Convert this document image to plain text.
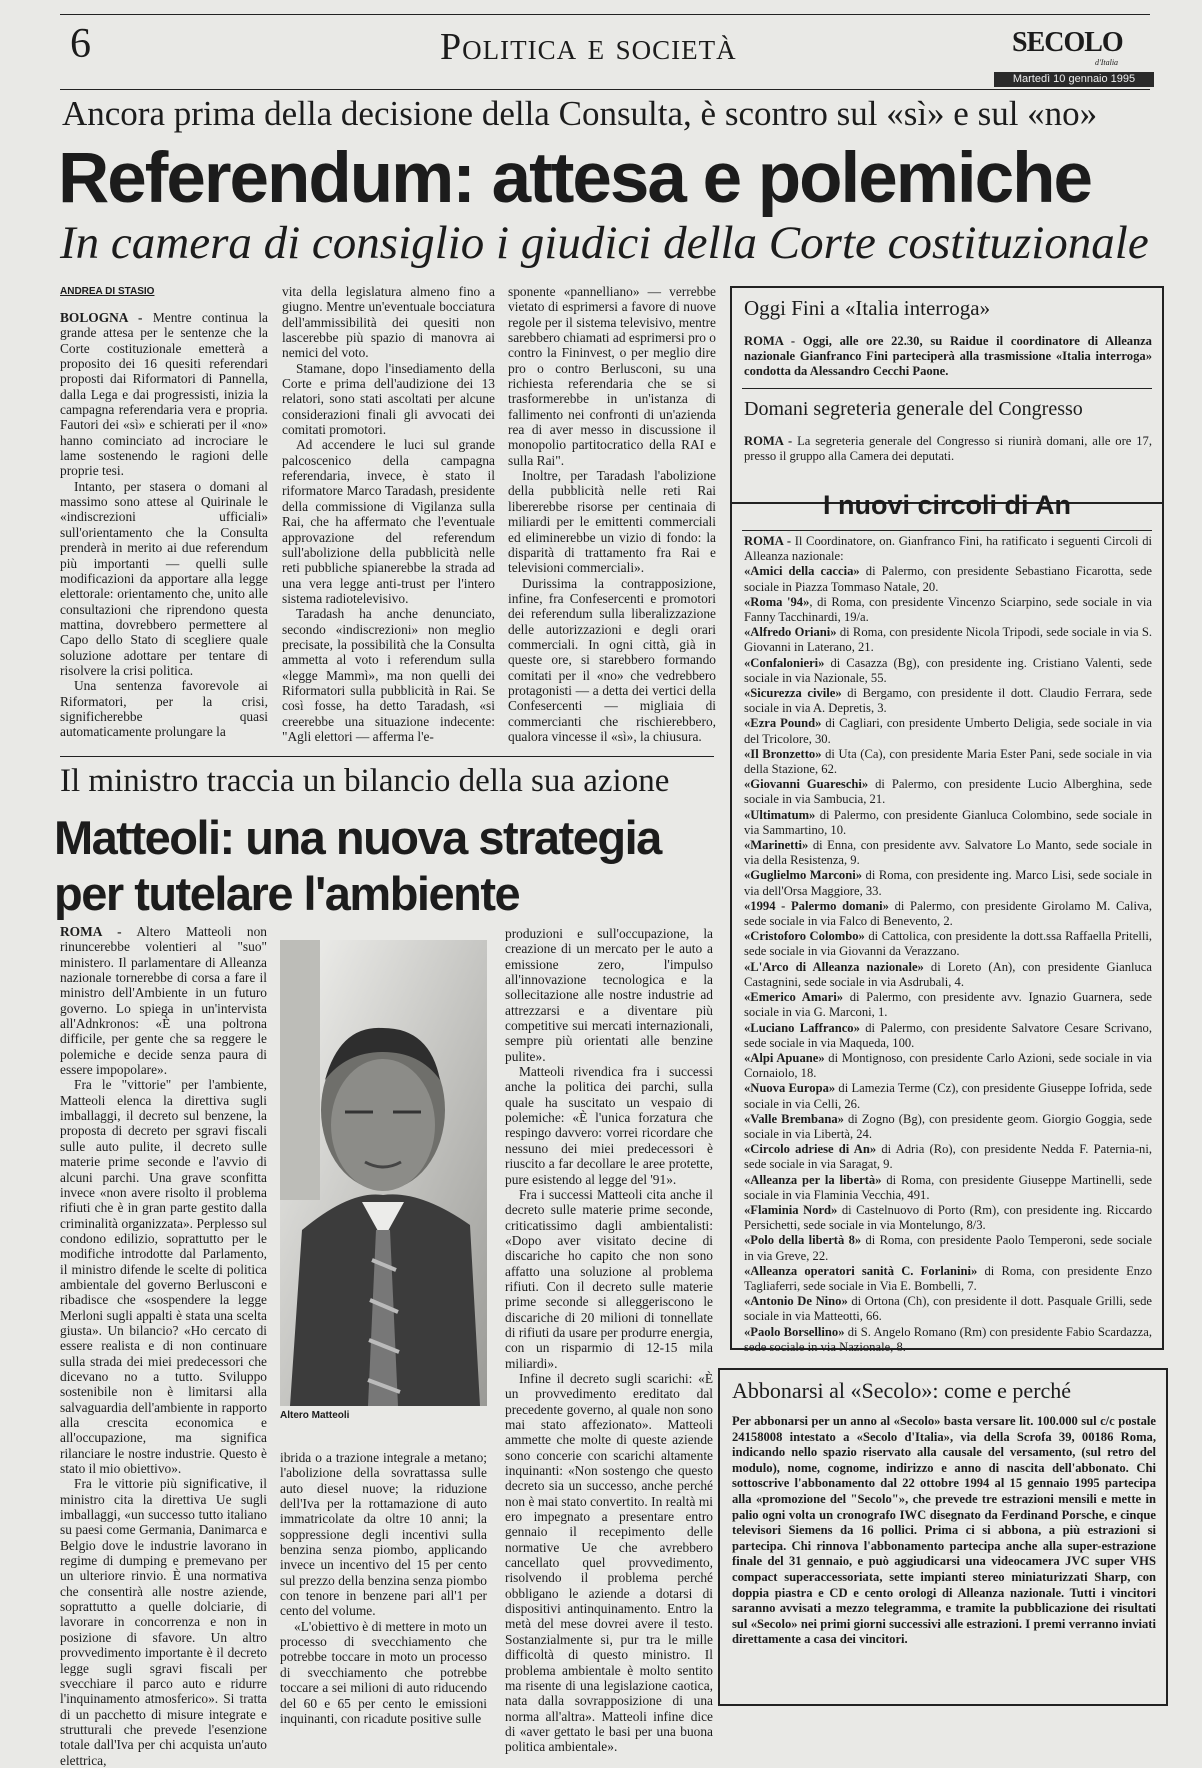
6	Politica e società	SECOLO
d'Italia
Martedì 10 gennaio 1995
Ancora prima della decisione della Consulta, è scontro sul «sì» e sul «no»
Referendum: attesa e polemiche
In camera di consiglio i giudici della Corte costituzionale
ANDREA DI STASIO

BOLOGNA - Mentre continua la grande attesa per le sentenze che la Corte costituzionale emetterà a proposito dei 16 quesiti referendari proposti dai Riformatori di Pannella, dalla Lega e dai progressisti, inizia la campagna referendaria vera e propria. Fautori dei «sì» e schierati per il «no» hanno cominciato ad incrociare le lame sostenendo le ragioni delle proprie tesi.

Intanto, per stasera o domani al massimo sono attese al Quirinale le «indiscrezioni ufficiali» sull'orientamento che la Consulta prenderà in merito ai due referendum più importanti — quelli sulle modificazioni da apportare alla legge elettorale: orientamento che, unito alle consultazioni che riprendono questa mattina, dovrebbero permettere al Capo dello Stato di scegliere quale soluzione adottare per tentare di risolvere la crisi politica.

Una sentenza favorevole ai Riformatori, per la crisi, significherebbe quasi automaticamente prolungare la

vita della legislatura almeno fino a giugno. Mentre un'eventuale bocciatura dell'ammissibilità dei quesiti non lascerebbe più spazio di manovra ai nemici del voto.

Stamane, dopo l'insediamento della Corte e prima dell'audizione dei 13 relatori, sono stati ascoltati per alcune considerazioni finali gli avvocati dei comitati promotori.

Ad accendere le luci sul grande palcoscenico della campagna referendaria, invece, è stato il riformatore Marco Taradash, presidente della commissione di Vigilanza sulla Rai, che ha affermato che l'eventuale approvazione del referendum sull'abolizione della pubblicità nelle reti pubbliche spianerebbe la strada ad una vera legge anti-trust per l'intero sistema radiotelevisivo.

Taradash ha anche denunciato, secondo «indiscrezioni» non meglio precisate, la possibilità che la Consulta ammetta al voto i referendum sulla «legge Mammì», ma non quelli dei Riformatori sulla pubblicità in Rai. Se così fosse, ha detto Taradash, «si creerebbe una situazione indecente: "Agli elettori — afferma l'e-

sponente «pannelliano» — verrebbe vietato di esprimersi a favore di nuove regole per il sistema televisivo, mentre sarebbero chiamati ad esprimersi pro o contro la Fininvest, o per meglio dire pro o contro Berlusconi, su una richiesta referendaria che se si trasformerebbe in un'istanza di fallimento nei confronti di un'azienda rea di aver messo in discussione il monopolio partitocratico della RAI e sulla Rai".

Inoltre, per Taradash l'abolizione della pubblicità nelle reti Rai libererebbe risorse per centinaia di miliardi per le emittenti commerciali ed eliminerebbe un vizio di fondo: la disparità di trattamento fra Rai e televisioni commerciali».

Durissima la contrapposizione, infine, fra Confesercenti e promotori dei referendum sulla liberalizzazione delle autorizzazioni e degli orari commerciali. In ogni città, già in queste ore, si starebbero formando comitati per il «no» che vedrebbero protagonisti — a detta dei vertici della Confesercenti — migliaia di commercianti che rischierebbero, qualora vincesse il «sì», la chiusura.

Il ministro traccia un bilancio della sua azione
Matteoli: una nuova strategia
per tutelare l'ambiente

ROMA - Altero Matteoli non rinuncerebbe volentieri al "suo" ministero. Il parlamentare di Alleanza nazionale tornerebbe di corsa a fare il ministro dell'Ambiente in un futuro governo. Lo spiega in un'intervista all'Adnkronos: «È una poltrona difficile, per gente che sa reggere le polemiche e decide senza paura di essere impopolare».

Fra le "vittorie" per l'ambiente, Matteoli elenca la direttiva sugli imballaggi, il decreto sul benzene, la proposta di decreto per sgravi fiscali sulle auto pulite, il decreto sulle materie prime seconde e l'avvio di alcuni parchi. Una grave sconfitta invece «non avere risolto il problema rifiuti che è in gran parte gestito dalla criminalità organizzata». Perplesso sul condono edilizio, soprattutto per le modifiche introdotte dal Parlamento, il ministro difende le scelte di politica ambientale del governo Berlusconi e ribadisce che «sospendere la legge Merloni sugli appalti è stata una scelta giusta». Un bilancio? «Ho cercato di essere realista e di non continuare sulla strada dei miei predecessori che dicevano no a tutto. Sviluppo sostenibile non è limitarsi alla salvaguardia dell'ambiente in rapporto alla crescita economica e all'occupazione, ma significa rilanciare le nostre industrie. Questo è stato il mio obiettivo».

Fra le vittorie più significative, il ministro cita la direttiva Ue sugli imballaggi, «un successo tutto italiano su paesi come Germania, Danimarca e Belgio dove le industrie lavorano in regime di dumping e premevano per un ulteriore rinvio. È una normativa che consentirà alle nostre aziende, soprattutto a quelle dolciarie, di lavorare in concorrenza e non in posizione di sfavore. Un altro provvedimento importante è il decreto legge sugli sgravi fiscali per svecchiare il parco auto e ridurre l'inquinamento atmosferico». Si tratta di un pacchetto di misure integrate e strutturali che prevede l'esenzione totale dall'Iva per chi acquista un'auto elettrica,

Altero Matteoli

ibrida o a trazione integrale a metano; l'abolizione della sovrattassa sulle auto diesel nuove; la riduzione dell'Iva per la rottamazione di auto immatricolate da oltre 10 anni; la soppressione degli incentivi sulla benzina senza piombo, applicando invece un incentivo del 15 per cento sul prezzo della benzina senza piombo con tenore in benzene pari all'1 per cento del volume.

«L'obiettivo è di mettere in moto un processo di svecchiamento che potrebbe toccare in moto un processo di svecchiamento che potrebbe toccare a sei milioni di auto riducendo del 60 e 65 per cento le emissioni inquinanti, con ricadute positive sulle

produzioni e sull'occupazione, la creazione di un mercato per le auto a emissione zero, l'impulso all'innovazione tecnologica e la sollecitazione alle nostre industrie ad attrezzarsi e a diventare più competitive sui mercati internazionali, sempre più orientati alle benzine pulite».

Matteoli rivendica fra i successi anche la politica dei parchi, sulla quale ha suscitato un vespaio di polemiche: «È l'unica forzatura che respingo davvero: vorrei ricordare che nessuno dei miei predecessori è riuscito a far decollare le aree protette, pure esistendo al legge del '91».

Fra i successi Matteoli cita anche il decreto sulle materie prime seconde, criticatissimo dagli ambientalisti: «Dopo aver visitato decine di discariche ho capito che non sono affatto una soluzione al problema rifiuti. Con il decreto sulle materie prime seconde si alleggeriscono le discariche di 20 milioni di tonnellate di rifiuti da usare per produrre energia, con un risparmio di 12-15 mila miliardi».

Infine il decreto sugli scarichi: «È un provvedimento ereditato dal precedente governo, al quale non sono mai stato affezionato». Matteoli ammette che molte di queste aziende sono concerie con scarichi altamente inquinanti: «Non sostengo che questo decreto sia un successo, anche perché non è mai stato convertito. In realtà mi ero impegnato a presentare entro gennaio il recepimento delle normative Ue che avrebbero cancellato quel provvedimento, risolvendo il problema perché obbligano le aziende a dotarsi di dispositivi antinquinamento. Entro la metà del mese dovrei avere il testo. Sostanzialmente si, pur tra le mille difficoltà di questo ministro. Il problema ambientale è molto sentito ma risente di una legislazione caotica, nata dalla sovrapposizione di una norma all'altra». Matteoli infine dice di «aver gettato le basi per una buona politica ambientale».

Oggi Fini a «Italia interroga»
ROMA - Oggi, alle ore 22.30, su Raidue il coordinatore di Alleanza nazionale Gianfranco Fini parteciperà alla trasmissione «Italia interroga» condotta da Alessandro Cecchi Paone.
Domani segreteria generale del Congresso
ROMA - La segreteria generale del Congresso si riunirà domani, alle ore 17, presso il gruppo alla Camera dei deputati.
I nuovi circoli di An
ROMA - Il Coordinatore, on. Gianfranco Fini, ha ratificato i seguenti Circoli di Alleanza nazionale:
«Amici della caccia» di Palermo, con presidente Sebastiano Ficarotta, sede sociale in Piazza Tommaso Natale, 20.
«Roma '94», di Roma, con presidente Vincenzo Sciarpino, sede sociale in via Fanny Tacchinardi, 19/a.
«Alfredo Oriani» di Roma, con presidente Nicola Tripodi, sede sociale in via S. Giovanni in Laterano, 21.
«Confalonieri» di Casazza (Bg), con presidente ing. Cristiano Valenti, sede sociale in via Nazionale, 55.
«Sicurezza civile» di Bergamo, con presidente il dott. Claudio Ferrara, sede sociale in via A. Depretis, 3.
«Ezra Pound» di Cagliari, con presidente Umberto Deligia, sede sociale in via del Tricolore, 30.
«Il Bronzetto» di Uta (Ca), con presidente Maria Ester Pani, sede sociale in via della Stazione, 62.
«Giovanni Guareschi» di Palermo, con presidente Lucio Alberghina, sede sociale in via Sambucia, 21.
«Ultimatum» di Palermo, con presidente Gianluca Colombino, sede sociale in via Sammartino, 10.
«Marinetti» di Enna, con presidente avv. Salvatore Lo Manto, sede sociale in via della Resistenza, 9.
«Guglielmo Marconi» di Roma, con presidente ing. Marco Lisi, sede sociale in via dell'Orsa Maggiore, 33.
«1994 - Palermo domani» di Palermo, con presidente Girolamo M. Caliva, sede sociale in via Falco di Benevento, 2.
«Cristoforo Colombo» di Cattolica, con presidente la dott.ssa Raffaella Pritelli, sede sociale in via Giovanni da Verazzano.
«L'Arco di Alleanza nazionale» di Loreto (An), con presidente Gianluca Castagnini, sede sociale in via Asdrubali, 4.
«Emerico Amari» di Palermo, con presidente avv. Ignazio Guarnera, sede sociale in via G. Marconi, 1.
«Luciano Laffranco» di Palermo, con presidente Salvatore Cesare Scrivano, sede sociale in via Maqueda, 100.
«Alpi Apuane» di Montignoso, con presidente Carlo Azioni, sede sociale in via Cornaiolo, 18.
«Nuova Europa» di Lamezia Terme (Cz), con presidente Giuseppe Iofrida, sede sociale in via Celli, 26.
«Valle Brembana» di Zogno (Bg), con presidente geom. Giorgio Goggia, sede sociale in via Libertà, 24.
«Circolo adriese di An» di Adria (Ro), con presidente Nedda F. Paternia-ni, sede sociale in via Saragat, 9.
«Alleanza per la libertà» di Roma, con presidente Giuseppe Martinelli, sede sociale in via Flaminia Vecchia, 491.
«Flaminia Nord» di Castelnuovo di Porto (Rm), con presidente ing. Riccardo Persichetti, sede sociale in via Montelungo, 8/3.
«Polo della libertà 8» di Roma, con presidente Paolo Temperoni, sede sociale in via Greve, 22.
«Alleanza operatori sanità C. Forlanini» di Roma, con presidente Enzo Tagliaferri, sede sociale in Via E. Bombelli, 7.
«Antonio De Nino» di Ortona (Ch), con presidente il dott. Pasquale Grilli, sede sociale in via Matteotti, 66.
«Paolo Borsellino» di S. Angelo Romano (Rm) con presidente Fabio Scardazza, sede sociale in via Nazionale, 8.
Abbonarsi al «Secolo»: come e perché
Per abbonarsi per un anno al «Secolo» basta versare lit. 100.000 sul c/c postale 24158008 intestato a «Secolo d'Italia», via della Scrofa 39, 00186 Roma, indicando nello spazio riservato alla causale del versamento, (sul retro del modulo), nome, cognome, indirizzo e anno di nascita dell'abbonato. Chi sottoscrive l'abbonamento dal 22 ottobre 1994 al 15 gennaio 1995 partecipa alla «promozione del "Secolo"», che prevede tre estrazioni mensili e mette in palio ogni volta un cronografo IWC disegnato da Ferdinand Porsche, e cinque televisori Siemens da 16 pollici. Prima ci si abbona, a più estrazioni si partecipa. Chi rinnova l'abbonamento partecipa anche alla super-estrazione finale del 31 gennaio, e può aggiudicarsi una videocamera JVC super VHS compact superaccessoriata, sette impianti stereo miniaturizzati Sharp, con doppia piastra e CD e cento orologi di Alleanza nazionale. Tutti i vincitori saranno avvisati a mezzo telegramma, e tramite la pubblicazione dei risultati sul «Secolo» nei primi giorni successivi alle estrazioni. I premi verranno inviati direttamente a casa dei vincitori.
